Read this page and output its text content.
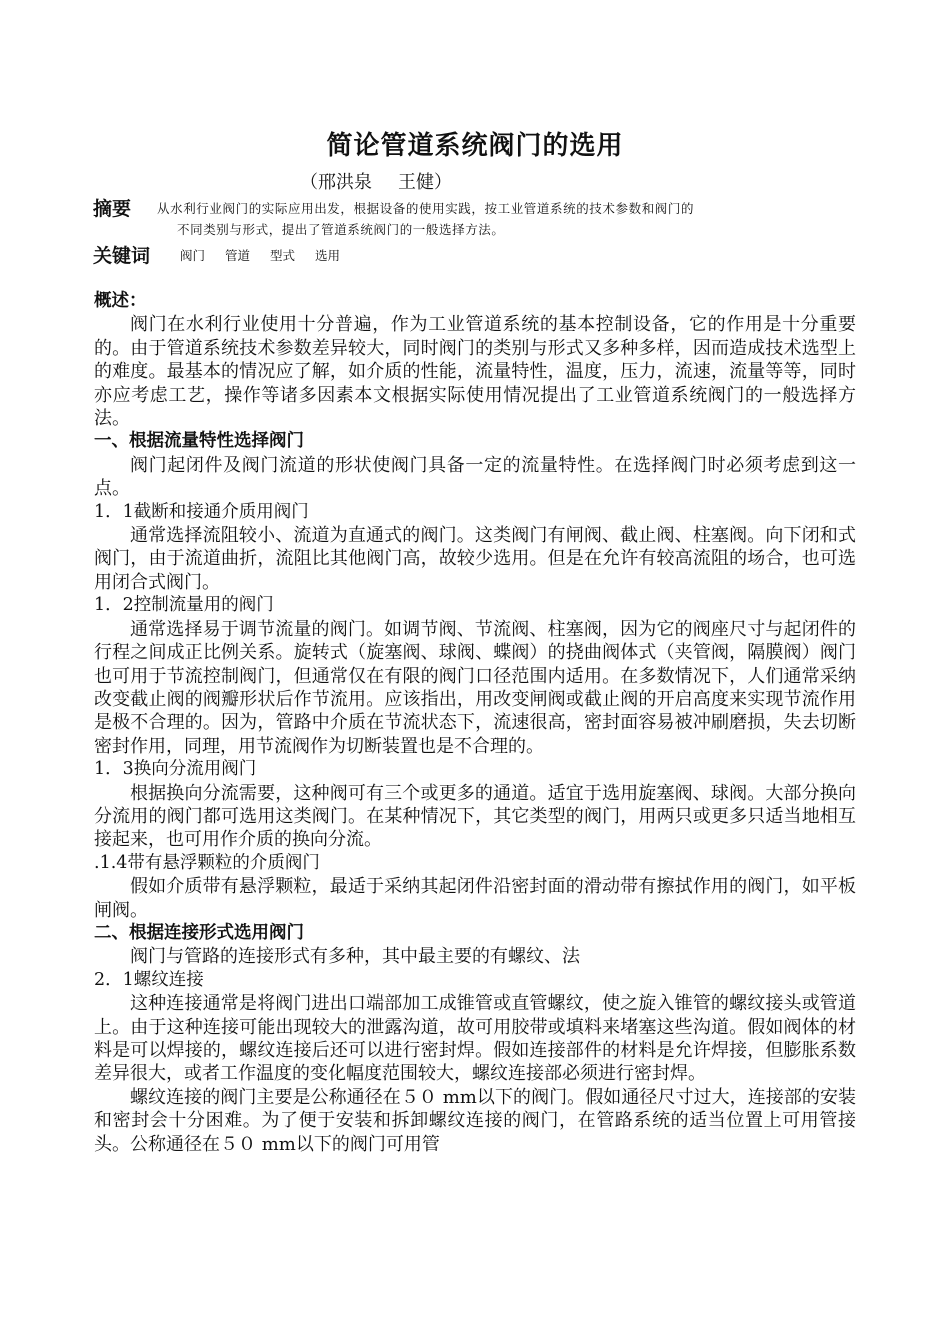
简论管道系统阀门的选用
（邢洪泉 王健）
摘要 从水利行业阀门的实际应用出发，根据设备的使用实践，按工业管道系统的技术参数和阀门的
不同类别与形式，提出了管道系统阀门的一般选择方法。
关键词 阀门 管道 型式 选用

概述：

阀门在水利行业使用十分普遍，作为工业管道系统的基本控制设备，它的作用是十分重要的。由于管道系统技术参数差异较大，同时阀门的类别与形式又多种多样，因而造成技术选型上的难度。最基本的情况应了解，如介质的性能，流量特性，温度，压力，流速，流量等等，同时亦应考虑工艺，操作等诸多因素本文根据实际使用情况提出了工业管道系统阀门的一般选择方法。

一、根据流量特性选择阀门

阀门起闭件及阀门流道的形状使阀门具备一定的流量特性。在选择阀门时必须考虑到这一点。

1．1截断和接通介质用阀门

通常选择流阻较小、流道为直通式的阀门。这类阀门有闸阀、截止阀、柱塞阀。向下闭和式阀门，由于流道曲折，流阻比其他阀门高，故较少选用。但是在允许有较高流阻的场合，也可选用闭合式阀门。

1．2控制流量用的阀门

通常选择易于调节流量的阀门。如调节阀、节流阀、柱塞阀，因为它的阀座尺寸与起闭件的行程之间成正比例关系。旋转式（旋塞阀、球阀、蝶阀）的挠曲阀体式（夹管阀，隔膜阀）阀门也可用于节流控制阀门，但通常仅在有限的阀门口径范围内适用。在多数情况下，人们通常采纳改变截止阀的阀瓣形状后作节流用。应该指出，用改变闸阀或截止阀的开启高度来实现节流作用是极不合理的。因为，管路中介质在节流状态下，流速很高，密封面容易被冲刷磨损，失去切断密封作用，同理，用节流阀作为切断装置也是不合理的。

1．3换向分流用阀门

根据换向分流需要，这种阀可有三个或更多的通道。适宜于选用旋塞阀、球阀。大部分换向分流用的阀门都可选用这类阀门。在某种情况下，其它类型的阀门，用两只或更多只适当地相互接起来，也可用作介质的换向分流。

.1.4带有悬浮颗粒的介质阀门

假如介质带有悬浮颗粒，最适于采纳其起闭件沿密封面的滑动带有擦拭作用的阀门，如平板闸阀。

二、根据连接形式选用阀门

阀门与管路的连接形式有多种，其中最主要的有螺纹、法

2．1螺纹连接

这种连接通常是将阀门进出口端部加工成锥管或直管螺纹，使之旋入锥管的螺纹接头或管道上。由于这种连接可能出现较大的泄露沟道，故可用胶带或填料来堵塞这些沟道。假如阀体的材料是可以焊接的，螺纹连接后还可以进行密封焊。假如连接部件的材料是允许焊接，但膨胀系数差异很大，或者工作温度的变化幅度范围较大，螺纹连接部必须进行密封焊。

螺纹连接的阀门主要是公称通径在５０ mm以下的阀门。假如通径尺寸过大，连接部的安装和密封会十分困难。为了便于安装和拆卸螺纹连接的阀门，在管路系统的适当位置上可用管接头。公称通径在５０ mm以下的阀门可用管
